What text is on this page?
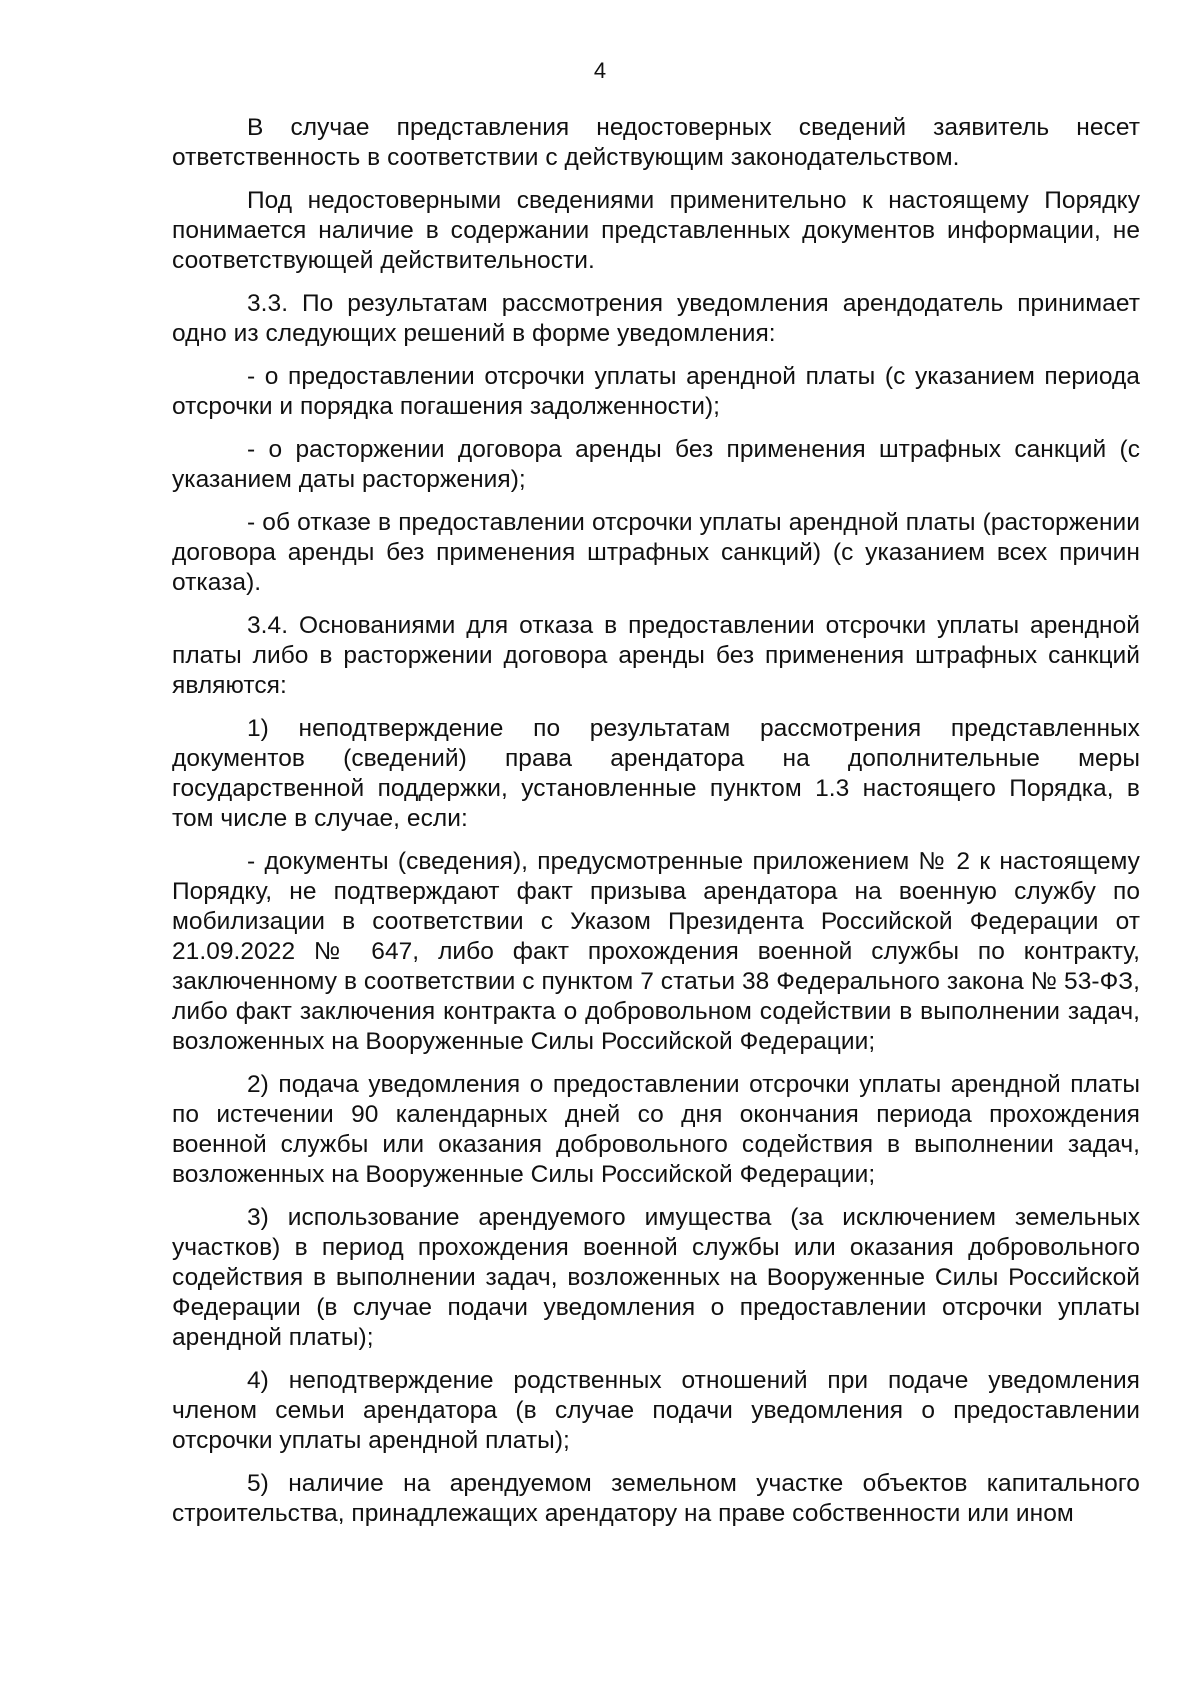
4

В случае представления недостоверных сведений заявитель несет ответственность в соответствии с действующим законодательством.

Под недостоверными сведениями применительно к настоящему Порядку понимается наличие в содержании представленных документов информации, не соответствующей действительности.

3.3. По результатам рассмотрения уведомления арендодатель принимает одно из следующих решений в форме уведомления:

- о предоставлении отсрочки уплаты арендной платы (с указанием периода отсрочки и порядка погашения задолженности);

- о расторжении договора аренды без применения штрафных санкций (с указанием даты расторжения);

- об отказе в предоставлении отсрочки уплаты арендной платы (расторжении договора аренды без применения штрафных санкций) (с указанием всех причин отказа).

3.4. Основаниями для отказа в предоставлении отсрочки уплаты арендной платы либо в расторжении договора аренды без применения штрафных санкций являются:

1) неподтверждение по результатам рассмотрения представленных документов (сведений) права арендатора на дополнительные меры государственной поддержки, установленные пунктом 1.3 настоящего Порядка, в том числе в случае, если:

- документы (сведения), предусмотренные приложением № 2 к настоящему Порядку, не подтверждают факт призыва арендатора на военную службу по мобилизации в соответствии с Указом Президента Российской Федерации от 21.09.2022 № 647, либо факт прохождения военной службы по контракту, заключенному в соответствии с пунктом 7 статьи 38 Федерального закона № 53-ФЗ, либо факт заключения контракта о добровольном содействии в выполнении задач, возложенных на Вооруженные Силы Российской Федерации;

2) подача уведомления о предоставлении отсрочки уплаты арендной платы по истечении 90 календарных дней со дня окончания периода прохождения военной службы или оказания добровольного содействия в выполнении задач, возложенных на Вооруженные Силы Российской Федерации;

3) использование арендуемого имущества (за исключением земельных участков) в период прохождения военной службы или оказания добровольного содействия в выполнении задач, возложенных на Вооруженные Силы Российской Федерации (в случае подачи уведомления о предоставлении отсрочки уплаты арендной платы);

4) неподтверждение родственных отношений при подаче уведомления членом семьи арендатора (в случае подачи уведомления о предоставлении отсрочки уплаты арендной платы);

5) наличие на арендуемом земельном участке объектов капитального строительства, принадлежащих арендатору на праве собственности или ином
